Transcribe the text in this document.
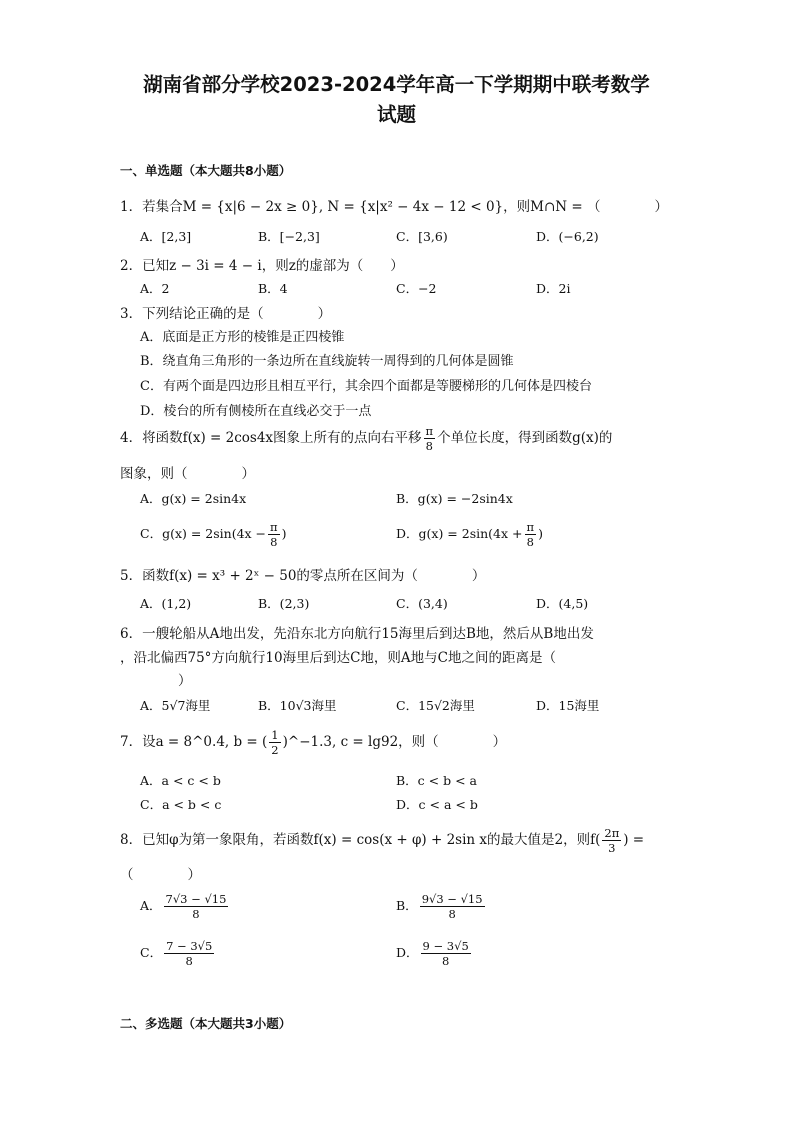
湖南省部分学校2023-2024学年高一下学期期中联考数学
试题
一、单选题（本大题共8小题）
1．若集合M = {x|6 − 2x ≥ 0}, N = {x|x² − 4x − 12 < 0}，则M∩N = （　　　　）
A．[2,3]	B．[−2,3]	C．[3,6)	D．(−6,2)
2．已知z − 3i = 4 − i，则z的虚部为（　　）
A．2	B．4	C．−2	D．2i
3．下列结论正确的是（　　　　）
A．底面是正方形的棱锥是正四棱锥
B．绕直角三角形的一条边所在直线旋转一周得到的几何体是圆锥
C．有两个面是四边形且相互平行，其余四个面都是等腰梯形的几何体是四棱台
D．棱台的所有侧棱所在直线必交于一点
4．将函数f(x) = 2cos4x图象上所有的点向右平移 $\frac{\pi}{8}$ 个单位长度，得到函数g(x)的
图象，则（　　　　）
A．g(x) = 2sin4x	B．g(x) = −2sin4x
C．$g(x) = 2\sin(4x - \frac{\pi}{8}$ )	D．$g(x) = 2\sin(4x + \frac{\pi}{8}$ )
5．函数f(x) = x³ + 2ˣ − 50的零点所在区间为（　　　　）
A．(1,2)	B．(2,3)	C．(3,4)	D．(4,5)
6．一艘轮船从A地出发，先沿东北方向航行15海里后到达B地，然后从B地出发
，沿北偏西75°方向航行10海里后到达C地，则A地与C地之间的距离是（
）
A．5√7海里	B．10√3海里	C．15√2海里	D．15海里
7．设a = 8^0.4, b = ( $\frac{1}{2}$ )^−1.3, c = lg92，则（　　　　）
A．a < c < b	B．c < b < a
C．a < b < c	D．c < a < b
8．已知φ为第一象限角，若函数f(x) = cos(x + φ) + 2sin x的最大值是2，则$f( \frac{2\pi}{3}$ ) =
（　　　　）
A． $\frac{7√3 - √15}{8}$	B． $\frac{9√3 - √15}{8}$
C． $\frac{7 - 3√5}{8}$	D． $\frac{9 - 3√5}{8}$
二、多选题（本大题共3小题）
